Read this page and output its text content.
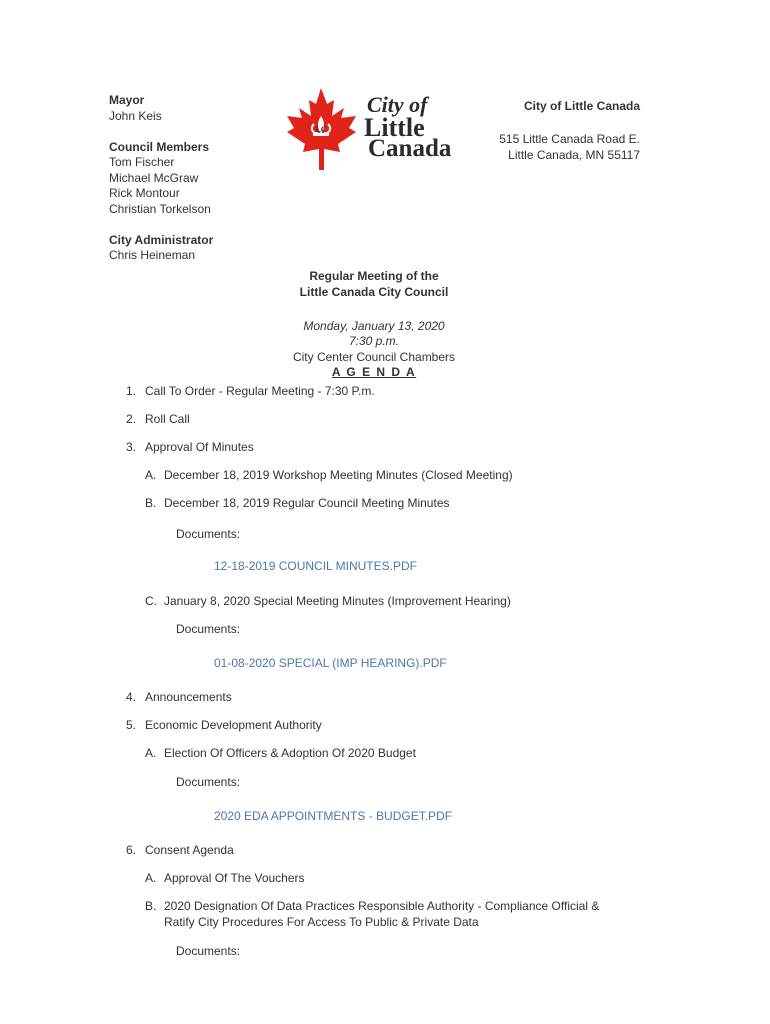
Mayor
John Keis
Council Members
Tom Fischer
Michael McGraw
Rick Montour
Christian Torkelson
City Administrator
Chris Heineman
LC
City of
Little
Canada
City of Little Canada
515 Little Canada Road E.
Little Canada, MN 55117
Regular Meeting of the
Little Canada City Council
Monday, January 13, 2020
7:30 p.m.
City Center Council Chambers
A G E N D A
1. Call To Order - Regular Meeting - 7:30 P.m.
2. Roll Call
3. Approval Of Minutes
A. December 18, 2019 Workshop Meeting Minutes (Closed Meeting)
B. December 18, 2019 Regular Council Meeting Minutes
Documents:
12-18-2019 COUNCIL MINUTES.PDF
C. January 8, 2020 Special Meeting Minutes (Improvement Hearing)
Documents:
01-08-2020 SPECIAL (IMP HEARING).PDF
4. Announcements
5. Economic Development Authority
A. Election Of Officers & Adoption Of 2020 Budget
Documents:
2020 EDA APPOINTMENTS - BUDGET.PDF
6. Consent Agenda
A. Approval Of The Vouchers
B. 2020 Designation Of Data Practices Responsible Authority - Compliance Official &
Ratify City Procedures For Access To Public & Private Data
Documents:
